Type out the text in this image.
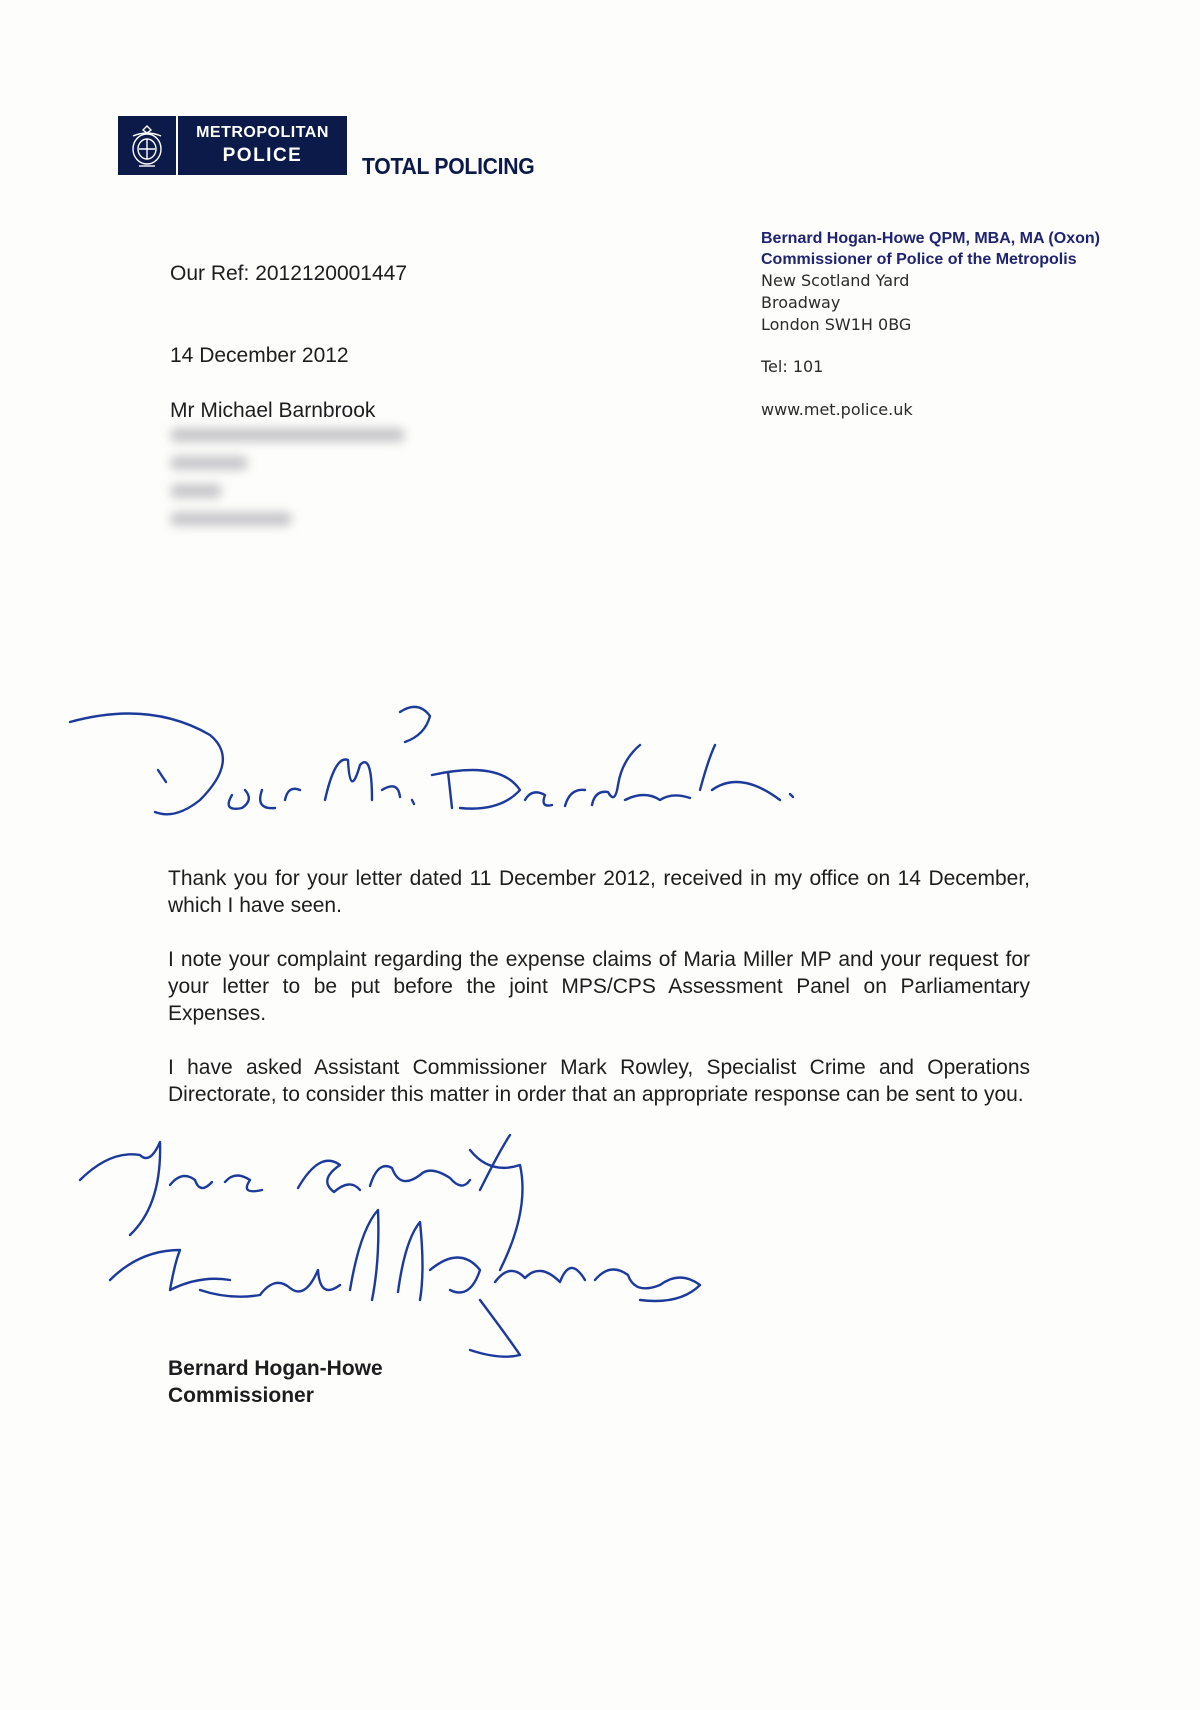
METROPOLITAN
POLICE	TOTAL POLICING
Bernard Hogan-Howe QPM, MBA, MA (Oxon)
Commissioner of Police of the Metropolis
New Scotland Yard
Broadway
London SW1H 0BG
Tel: 101
www.met.police.uk
Our Ref: 2012120001447
14 December 2012
Mr Michael Barnbrook

Thank you for your letter dated 11 December 2012, received in my office on 14 December, which I have seen.

I note your complaint regarding the expense claims of Maria Miller MP and your request for your letter to be put before the joint MPS/CPS Assessment Panel on Parliamentary Expenses.

I have asked Assistant Commissioner Mark Rowley, Specialist Crime and Operations Directorate, to consider this matter in order that an appropriate response can be sent to you.

Bernard Hogan-Howe
Commissioner
